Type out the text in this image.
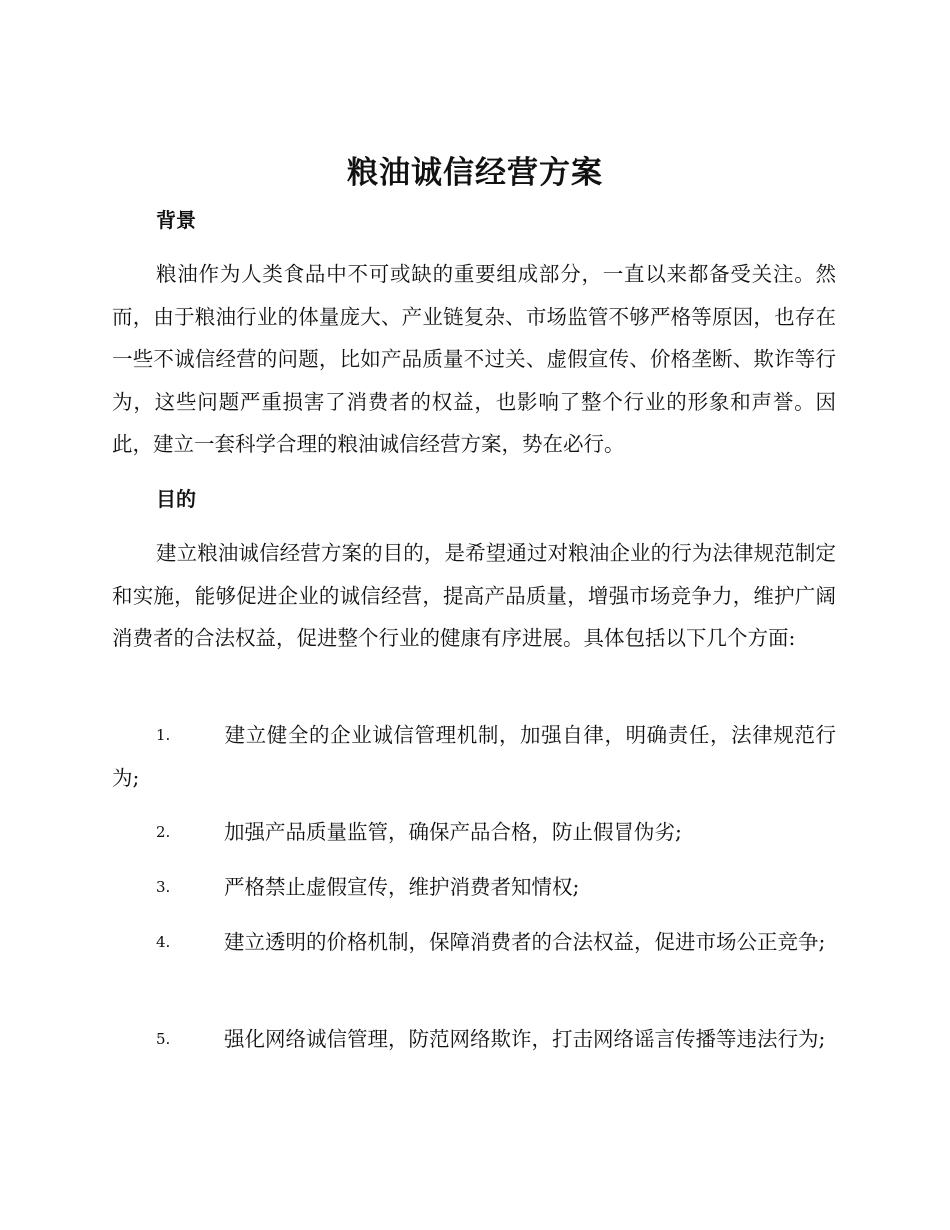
粮油诚信经营方案
背景

粮油作为人类食品中不可或缺的重要组成部分，一直以来都备受关注。然而，由于粮油行业的体量庞大、产业链复杂、市场监管不够严格等原因，也存在一些不诚信经营的问题，比如产品质量不过关、虚假宣传、价格垄断、欺诈等行为，这些问题严重损害了消费者的权益，也影响了整个行业的形象和声誉。因此，建立一套科学合理的粮油诚信经营方案，势在必行。

目的

建立粮油诚信经营方案的目的，是希望通过对粮油企业的行为法律规范制定和实施，能够促进企业的诚信经营，提高产品质量，增强市场竞争力，维护广阔消费者的合法权益，促进整个行业的健康有序进展。具体包括以下几个方面:

1.	建立健全的企业诚信管理机制，加强自律，明确责任，法律规范行为;

2.	加强产品质量监管，确保产品合格，防止假冒伪劣;

3.	严格禁止虚假宣传，维护消费者知情权;

4.	建立透明的价格机制，保障消费者的合法权益，促进市场公正竞争;

5.	强化网络诚信管理，防范网络欺诈，打击网络谣言传播等违法行为;
